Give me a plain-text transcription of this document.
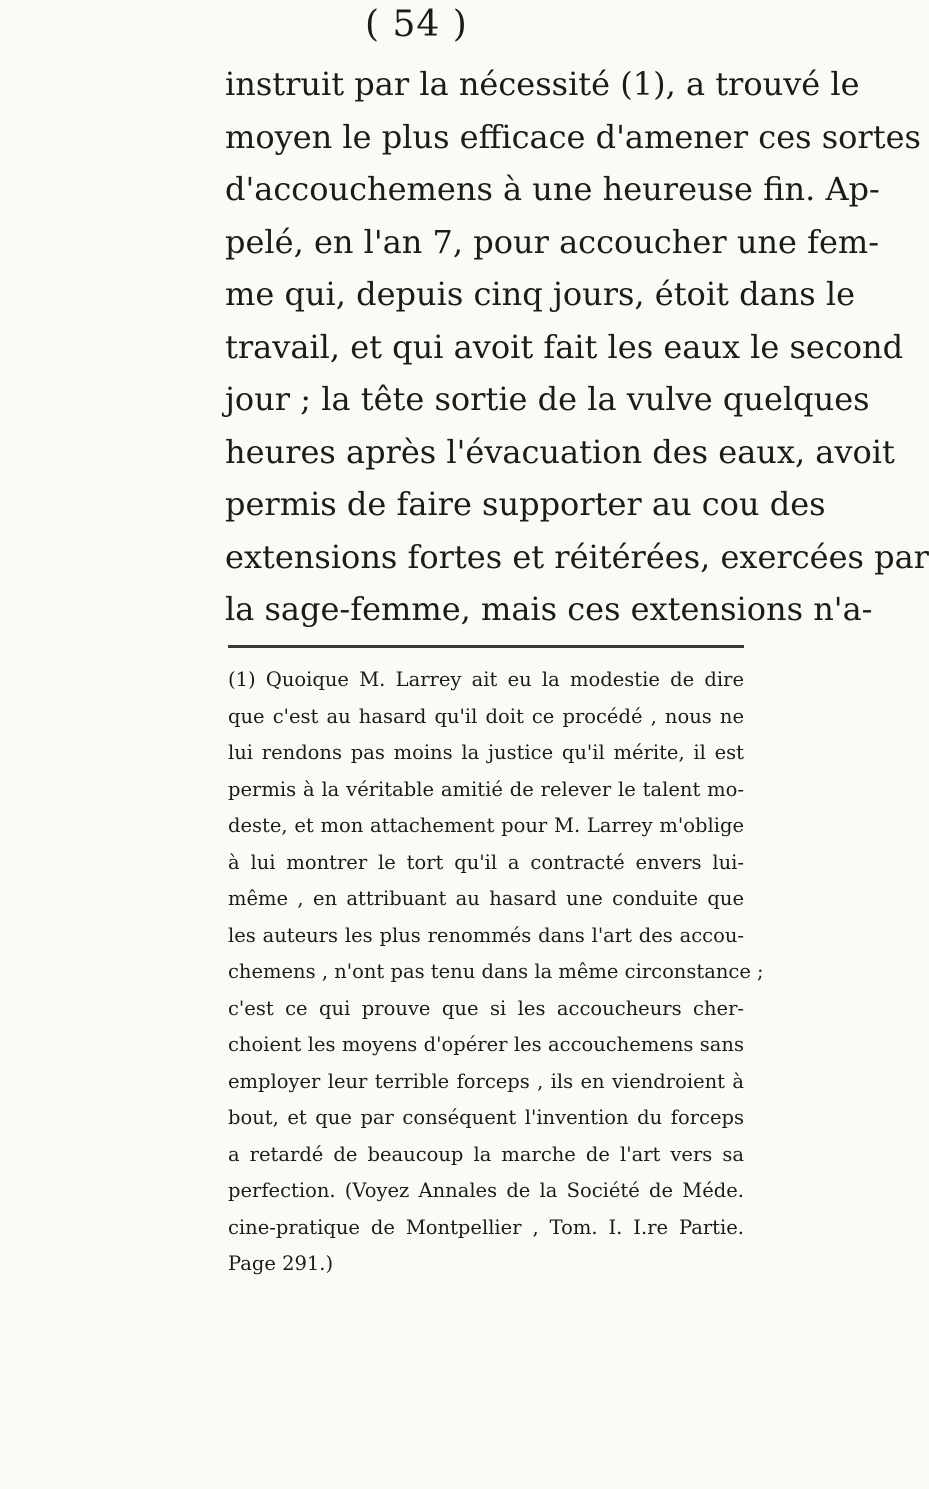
( 54 )
instruit par la nécessité (1), a trouvé le
moyen le plus efficace d'amener ces sortes
d'accouchemens à une heureuse fin. Ap-
pelé, en l'an 7, pour accoucher une fem-
me qui, depuis cinq jours, étoit dans le
travail, et qui avoit fait les eaux le second
jour ; la tête sortie de la vulve quelques
heures après l'évacuation des eaux, avoit
permis de faire supporter au cou des
extensions fortes et réitérées, exercées par
la sage-femme, mais ces extensions n'a-
(1) Quoique M. Larrey ait eu la modestie de dire
que c'est au hasard qu'il doit ce procédé , nous ne
lui rendons pas moins la justice qu'il mérite, il est
permis à la véritable amitié de relever le talent mo-
deste, et mon attachement pour M. Larrey m'oblige
à lui montrer le tort qu'il a contracté envers lui-
même , en attribuant au hasard une conduite que
les auteurs les plus renommés dans l'art des accou-
chemens , n'ont pas tenu dans la même circonstance ;
c'est ce qui prouve que si les accoucheurs cher-
choient les moyens d'opérer les accouchemens sans
employer leur terrible forceps , ils en viendroient à
bout, et que par conséquent l'invention du forceps
a retardé de beaucoup la marche de l'art vers sa
perfection. (Voyez Annales de la Société de Méde.
cine-pratique de Montpellier , Tom. I. I.re Partie.
Page 291.)
